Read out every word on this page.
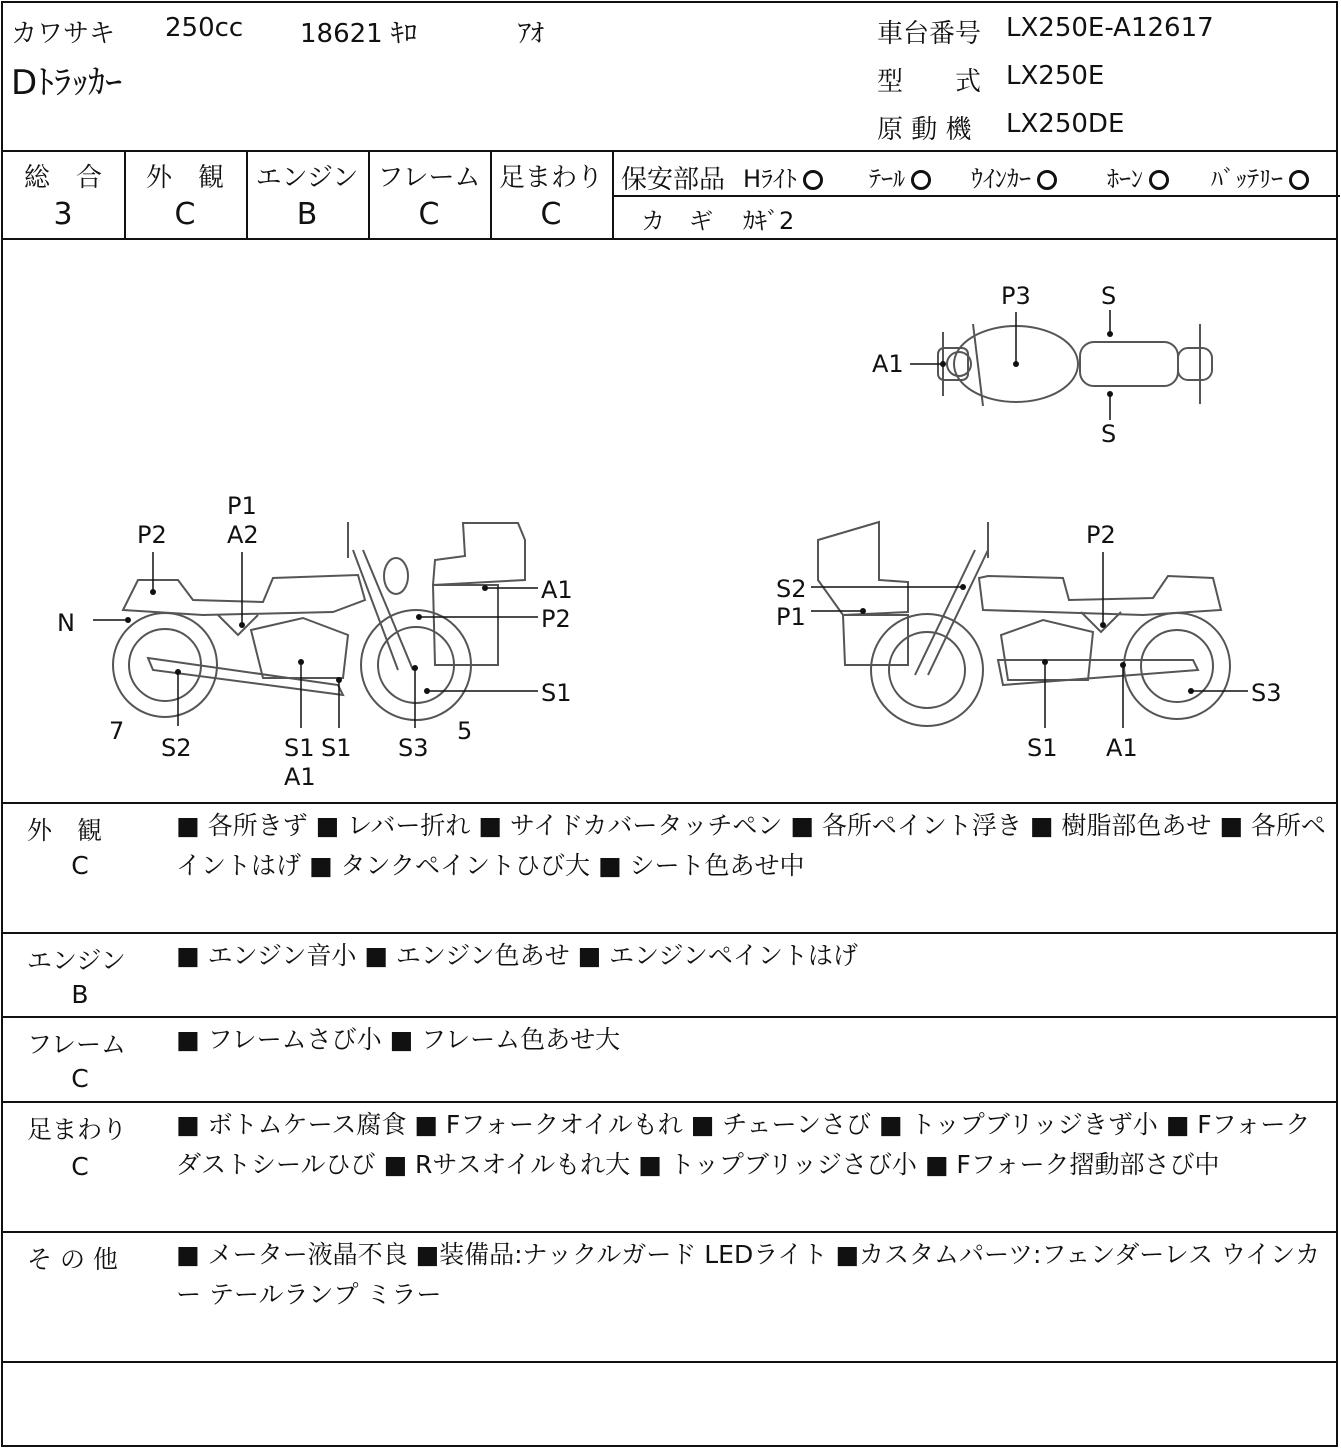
カワサキ 250cc 18621 ｷﾛ	ｱｵ
Dﾄﾗｯｶｰ
車台番号 LX250E-A12617
型　　式 LX250E
原 動 機 LX250DE
総　合
3
外　観
C
エンジン
B
フレーム
C
足まわり
C
保安部品 Hﾗｲﾄ	ﾃｰﾙ	ｳｲﾝｶｰ	ﾎｰﾝ	ﾊﾞｯﾃﾘｰ
カ　ギ ｶｷﾞ2
P2
P1
A2
N
A1
P2
S1
7
S2	S1 S1
A1
S3
5
S2
P1
P2
S3
S1 A1
P3	S
A1
S
外　観
C
■ 各所きず ■ レバー折れ ■ サイドカバータッチペン ■ 各所ペイント浮き ■ 樹脂部色あせ ■ 各所ペイントはげ ■ タンクペイントひび大 ■ シート色あせ中
エンジン
B
■ エンジン音小 ■ エンジン色あせ ■ エンジンペイントはげ
フレーム
C
■ フレームさび小 ■ フレーム色あせ大
足まわり
C
■ ボトムケース腐食 ■ Fフォークオイルもれ ■ チェーンさび ■ トップブリッジきず小 ■ Fフォークダストシールひび ■ Rサスオイルもれ大 ■ トップブリッジさび小 ■ Fフォーク摺動部さび中
そ の 他	■ メーター液晶不良 ■装備品:ナックルガード LEDライト ■カスタムパーツ:フェンダーレス ウインカー テールランプ ミラー
